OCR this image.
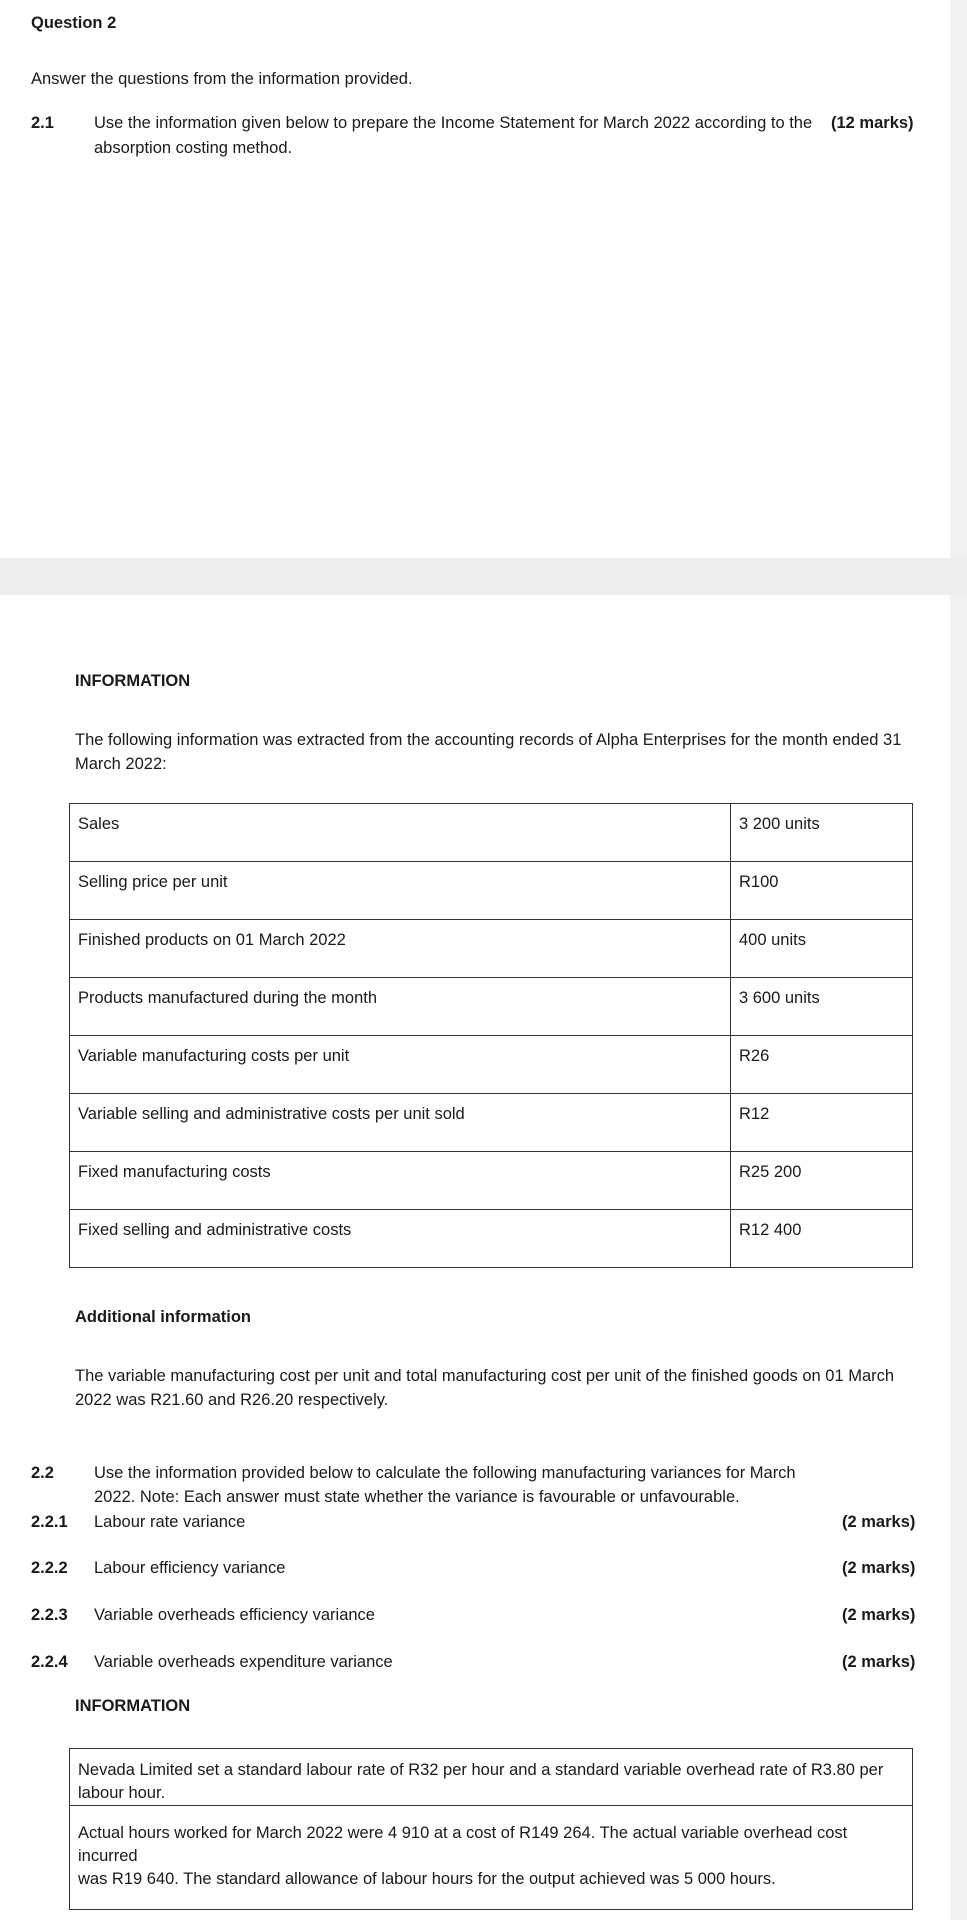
Question 2
Answer the questions from the information provided.
2.1 Use the information given below to prepare the Income Statement for March 2022 according to the
absorption costing method.
(12 marks)
INFORMATION
The following information was extracted from the accounting records of Alpha Enterprises for the month ended 31
March 2022:
Sales	3 200 units
Selling price per unit	R100
Finished products on 01 March 2022	400 units
Products manufactured during the month	3 600 units
Variable manufacturing costs per unit	R26
Variable selling and administrative costs per unit sold	R12
Fixed manufacturing costs	R25 200
Fixed selling and administrative costs	R12 400
Additional information
The variable manufacturing cost per unit and total manufacturing cost per unit of the finished goods on 01 March
2022 was R21.60 and R26.20 respectively.
2.2 Use the information provided below to calculate the following manufacturing variances for March
2022. Note: Each answer must state whether the variance is favourable or unfavourable.
2.2.1 Labour rate variance	(2 marks)
2.2.2 Labour efficiency variance	(2 marks)
2.2.3 Variable overheads efficiency variance	(2 marks)
2.2.4 Variable overheads expenditure variance	(2 marks)
INFORMATION
Nevada Limited set a standard labour rate of R32 per hour and a standard variable overhead rate of R3.80 per
labour hour.
Actual hours worked for March 2022 were 4 910 at a cost of R149 264. The actual variable overhead cost incurred
was R19 640. The standard allowance of labour hours for the output achieved was 5 000 hours.
